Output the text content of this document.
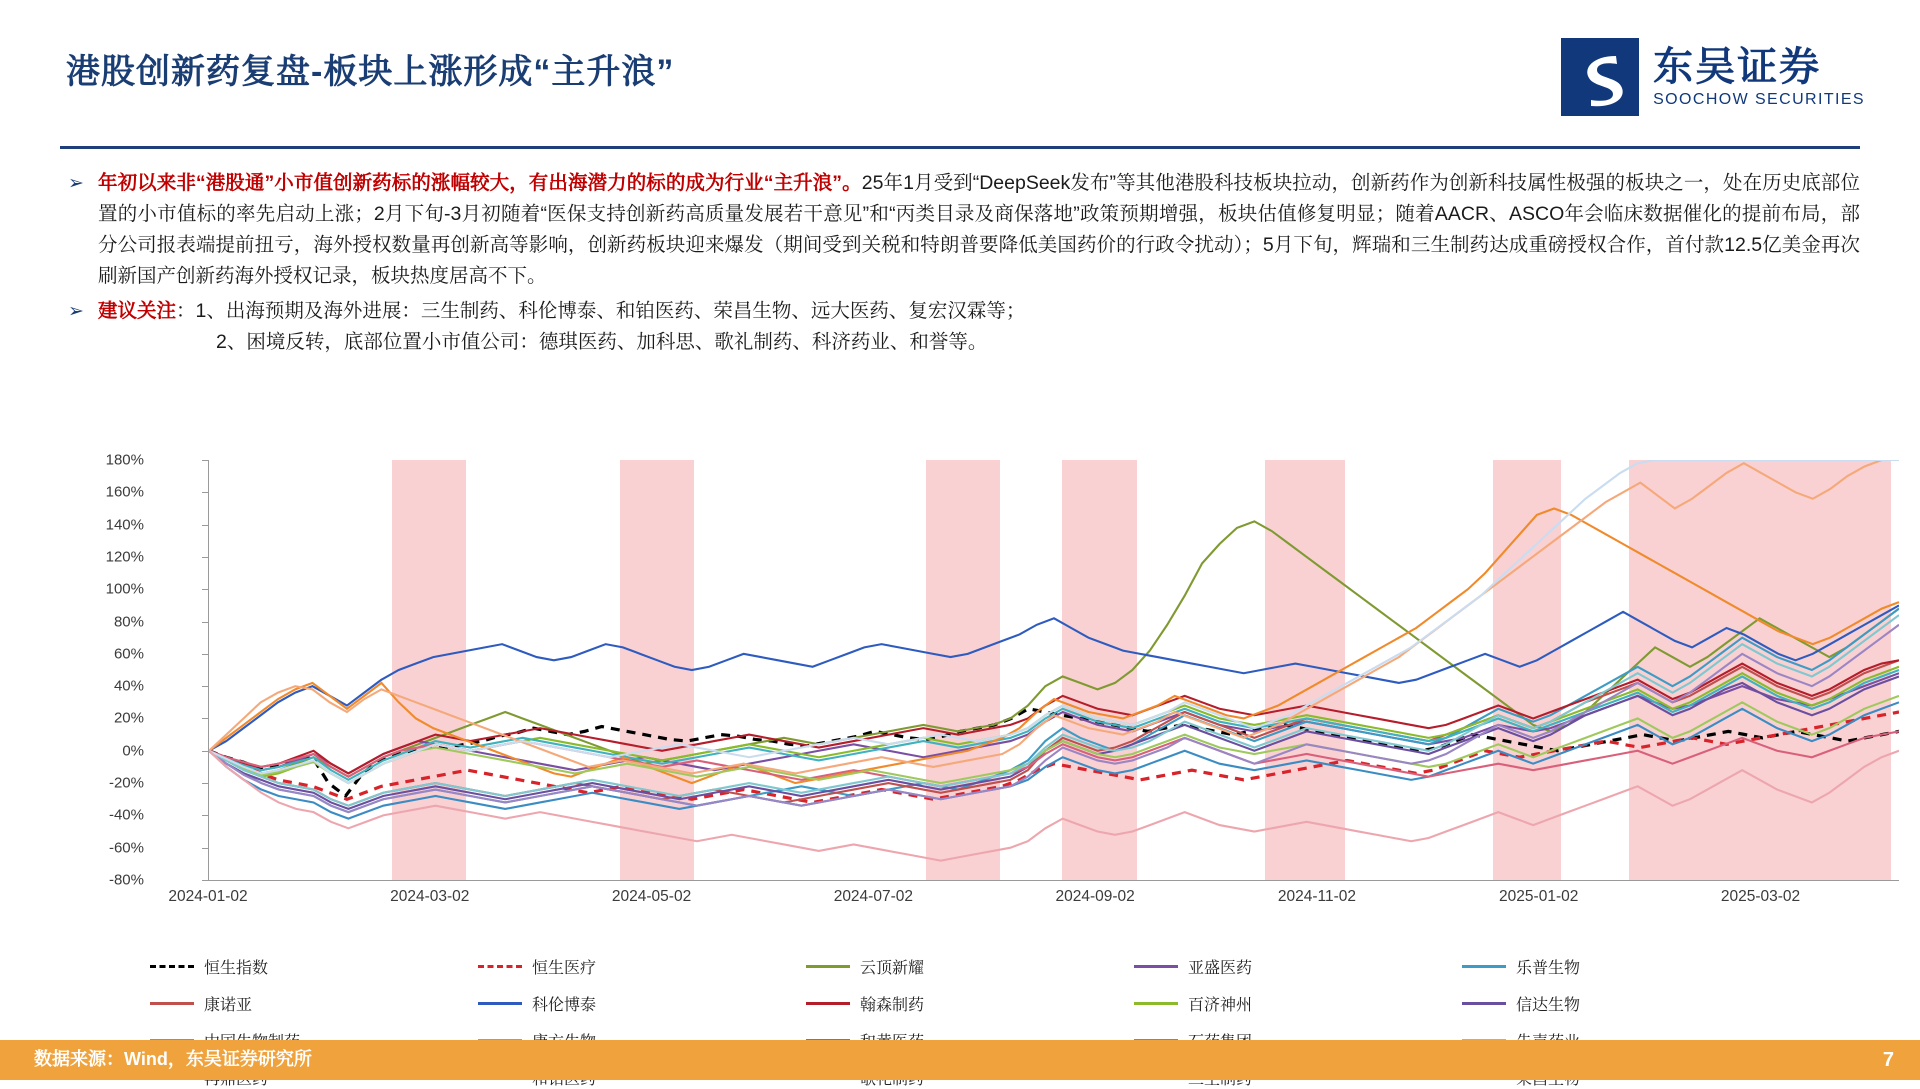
港股创新药复盘-板块上涨形成“主升浪”	东吴证券
SOOCHOW SECURITIES
➢ 年初以来非“港股通”小市值创新药标的涨幅较大，有出海潜力的标的成为行业“主升浪”。25年1月受到“DeepSeek发布”等其他港股科技板块拉动，创新药作为创新科技属性极强的板块之一，处在历史底部位置的小市值标的率先启动上涨；2月下旬-3月初随着“医保支持创新药高质量发展若干意见”和“丙类目录及商保落地”政策预期增强，板块估值修复明显；随着AACR、ASCO年会临床数据催化的提前布局，部分公司报表端提前扭亏，海外授权数量再创新高等影响，创新药板块迎来爆发（期间受到关税和特朗普要降低美国药价的行政令扰动）；5月下旬，辉瑞和三生制药达成重磅授权合作，首付款12.5亿美金再次刷新国产创新药海外授权记录，板块热度居高不下。
➢ 建议关注：1、出海预期及海外进展：三生制药、科伦博泰、和铂医药、荣昌生物、远大医药、复宏汉霖等；
2、困境反转，底部位置小市值公司：德琪医药、加科思、歌礼制药、科济药业、和誉等。
-80%
-60%
-40%
-20%
0%
20%
40%
60%
80%
100%
120%
140%
160%
180%
2024-01-02	2024-03-02	2024-05-02	2024-07-02	2024-09-02	2024-11-02	2025-01-02	2025-03-02
恒生指数	恒生医疗	云顶新耀	亚盛医药	乐普生物
康诺亚	科伦博泰	翰森制药	百济神州	信达生物
数据来源：Wind，东吴证券研究所	7
